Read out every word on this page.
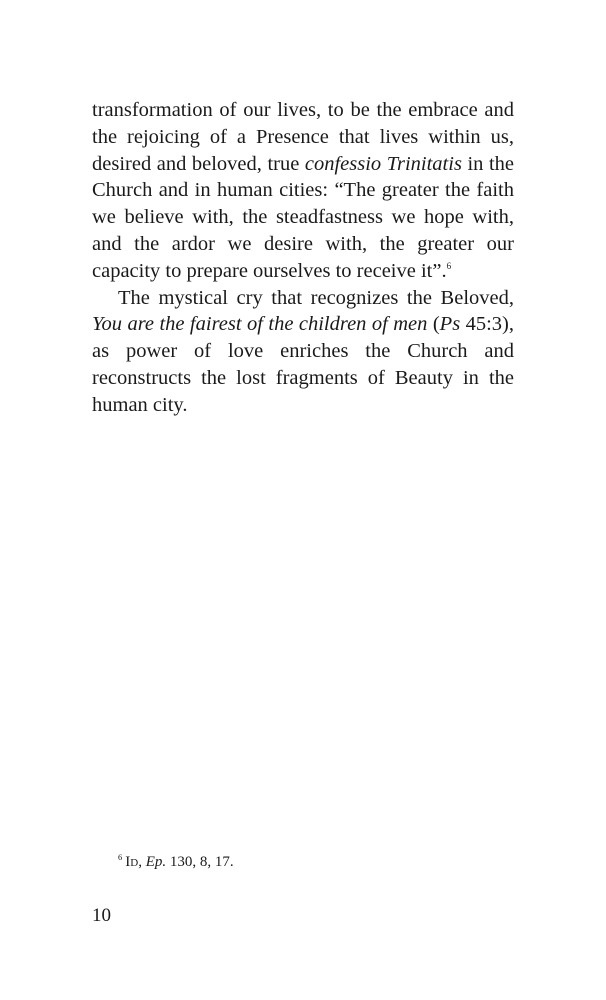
transformation of our lives, to be the embrace and the rejoicing of a Presence that lives within us, desired and beloved, true confessio Trinitatis in the Church and in human cities: “The greater the faith we believe with, the steadfastness we hope with, and the ardor we desire with, the greater our capacity to prepare ourselves to receive it”.$^6$

The mystical cry that recognizes the Beloved, You are the fairest of the children of men (Ps 45:3), as power of love enriches the Church and reconstructs the lost fragments of Beauty in the human city.

$^6$ Id, Ep. 130, 8, 17.
10
